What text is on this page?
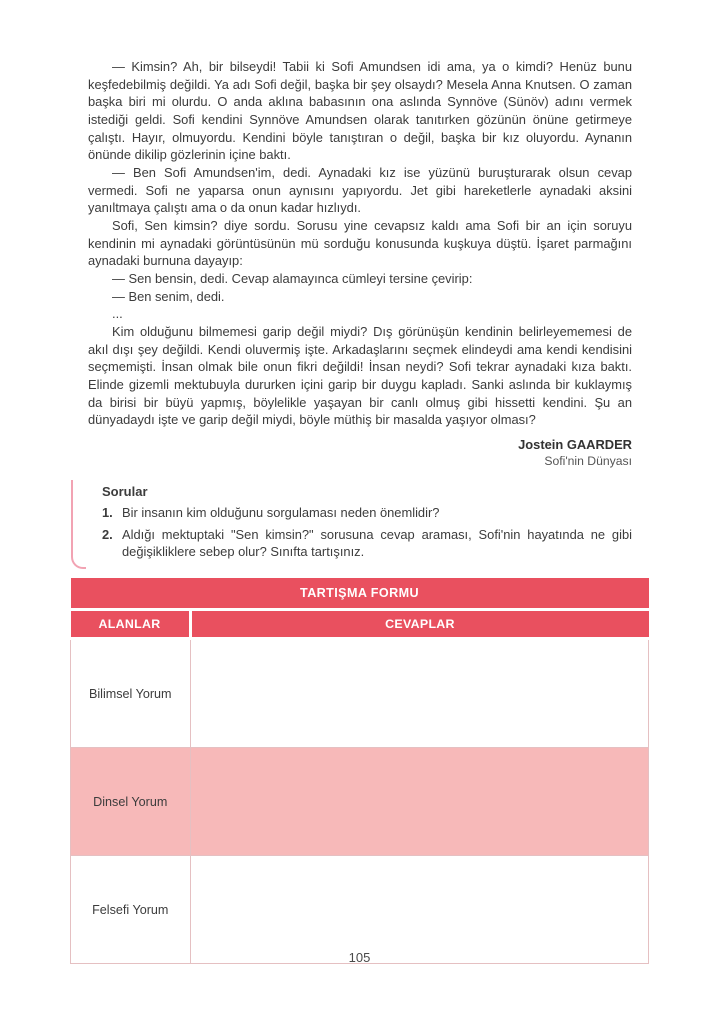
— Kimsin? Ah, bir bilseydi! Tabii ki Sofi Amundsen idi ama, ya o kimdi? Henüz bunu keşfedebilmiş değildi. Ya adı Sofi değil, başka bir şey olsaydı? Mesela Anna Knutsen. O zaman başka biri mi olurdu. O anda aklına babasının ona aslında Synnöve (Sünöv) adını vermek istediği geldi. Sofi kendini Synnöve Amundsen olarak tanıtırken gözünün önüne getirmeye çalıştı. Hayır, olmuyordu. Kendini böyle tanıştıran o değil, başka bir kız oluyordu. Aynanın önünde dikilip gözlerinin içine baktı.

— Ben Sofi Amundsen'im, dedi. Aynadaki kız ise yüzünü buruşturarak olsun cevap vermedi. Sofi ne yaparsa onun aynısını yapıyordu. Jet gibi hareketlerle aynadaki aksini yanıltmaya çalıştı ama o da onun kadar hızlıydı.

Sofi, Sen kimsin? diye sordu. Sorusu yine cevapsız kaldı ama Sofi bir an için soruyu kendinin mi aynadaki görüntüsünün mü sorduğu konusunda kuşkuya düştü. İşaret parmağını aynadaki burnuna dayayıp:

— Sen bensin, dedi. Cevap alamayınca cümleyi tersine çevirip:

— Ben senim, dedi.

...

Kim olduğunu bilmemesi garip değil miydi? Dış görünüşün kendinin belirleyememesi de akıl dışı şey değildi. Kendi oluvermiş işte. Arkadaşlarını seçmek elindeydi ama kendi kendisini seçmemişti. İnsan olmak bile onun fikri değildi! İnsan neydi? Sofi tekrar aynadaki kıza baktı. Elinde gizemli mektubuyla dururken içini garip bir duygu kapladı. Sanki aslında bir kuklaymış da birisi bir büyü yapmış, böylelikle yaşayan bir canlı olmuş gibi hissetti kendini. Şu an dünyadaydı işte ve garip değil miydi, böyle müthiş bir masalda yaşıyor olması?

Jostein GAARDER
Sofi'nin Dünyası

Sorular

1. Bir insanın kim olduğunu sorgulaması neden önemlidir?
2. Aldığı mektuptaki "Sen kimsin?" sorusuna cevap araması, Sofi'nin hayatında ne gibi değişikliklere sebep olur? Sınıfta tartışınız.
TARTIŞMA FORMU	
ALANLAR	CEVAPLAR
Bilimsel Yorum	
Dinsel Yorum	
Felsefi Yorum	
105
